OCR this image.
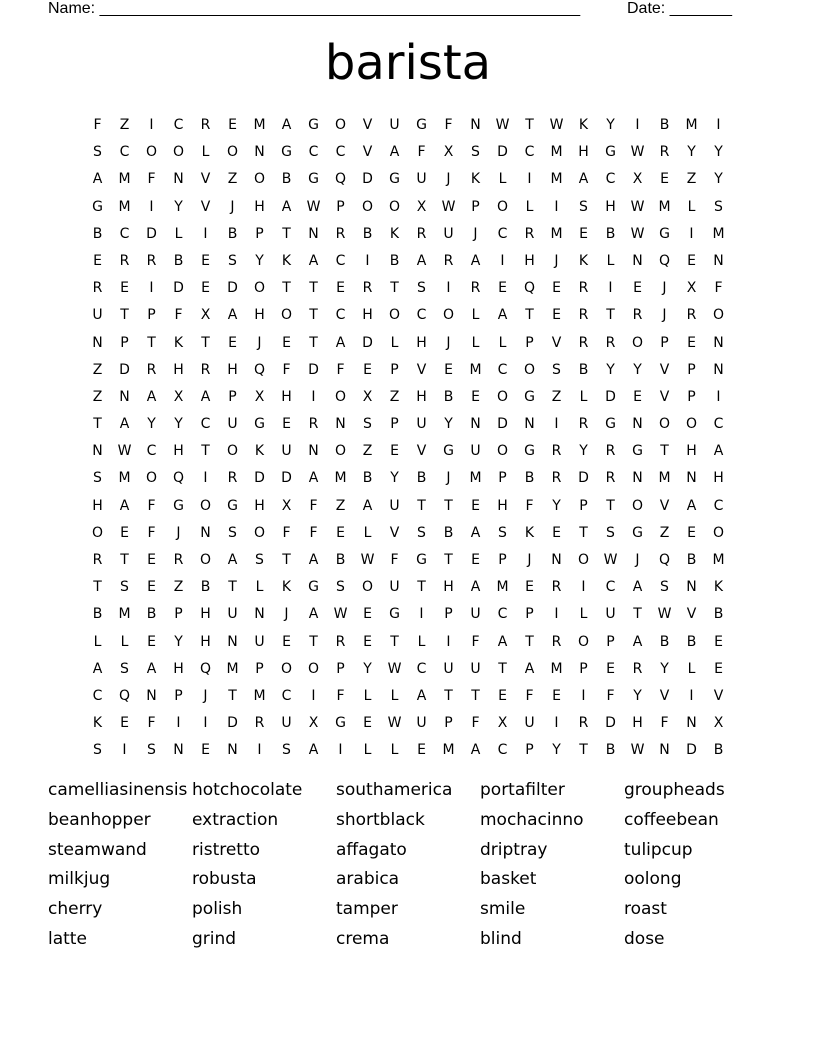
Name: ______________________________________________________	Date: _______
barista
F	Z	I	C	R	E	M	A	G	O	V	U	G	F	N	W	T	W	K	Y	I	B	M	I
S	C	O	O	L	O	N	G	C	C	V	A	F	X	S	D	C	M	H	G	W	R	Y	Y
A	M	F	N	V	Z	O	B	G	Q	D	G	U	J	K	L	I	M	A	C	X	E	Z	Y
G	M	I	Y	V	J	H	A	W	P	O	O	X	W	P	O	L	I	S	H	W	M	L	S
B	C	D	L	I	B	P	T	N	R	B	K	R	U	J	C	R	M	E	B	W	G	I	M
E	R	R	B	E	S	Y	K	A	C	I	B	A	R	A	I	H	J	K	L	N	Q	E	N
R	E	I	D	E	D	O	T	T	E	R	T	S	I	R	E	Q	E	R	I	E	J	X	F
U	T	P	F	X	A	H	O	T	C	H	O	C	O	L	A	T	E	R	T	R	J	R	O
N	P	T	K	T	E	J	E	T	A	D	L	H	J	L	L	P	V	R	R	O	P	E	N
Z	D	R	H	R	H	Q	F	D	F	E	P	V	E	M	C	O	S	B	Y	Y	V	P	N
Z	N	A	X	A	P	X	H	I	O	X	Z	H	B	E	O	G	Z	L	D	E	V	P	I
T	A	Y	Y	C	U	G	E	R	N	S	P	U	Y	N	D	N	I	R	G	N	O	O	C
N	W	C	H	T	O	K	U	N	O	Z	E	V	G	U	O	G	R	Y	R	G	T	H	A
S	M	O	Q	I	R	D	D	A	M	B	Y	B	J	M	P	B	R	D	R	N	M	N	H
H	A	F	G	O	G	H	X	F	Z	A	U	T	T	E	H	F	Y	P	T	O	V	A	C
O	E	F	J	N	S	O	F	F	E	L	V	S	B	A	S	K	E	T	S	G	Z	E	O
R	T	E	R	O	A	S	T	A	B	W	F	G	T	E	P	J	N	O	W	J	Q	B	M
T	S	E	Z	B	T	L	K	G	S	O	U	T	H	A	M	E	R	I	C	A	S	N	K
B	M	B	P	H	U	N	J	A	W	E	G	I	P	U	C	P	I	L	U	T	W	V	B
L	L	E	Y	H	N	U	E	T	R	E	T	L	I	F	A	T	R	O	P	A	B	B	E
A	S	A	H	Q	M	P	O	O	P	Y	W	C	U	U	T	A	M	P	E	R	Y	L	E
C	Q	N	P	J	T	M	C	I	F	L	L	A	T	T	E	F	E	I	F	Y	V	I	V
K	E	F	I	I	D	R	U	X	G	E	W	U	P	F	X	U	I	R	D	H	F	N	X
S	I	S	N	E	N	I	S	A	I	L	L	E	M	A	C	P	Y	T	B	W	N	D	B
camelliasinensis hotchocolate	southamerica	portafilter	groupheads
beanhopper	extraction	shortblack	mochacinno	coffeebean
steamwand	ristretto	affagato	driptray	tulipcup
milkjug	robusta	arabica	basket	oolong
cherry	polish	tamper	smile	roast
latte	grind	crema	blind	dose
